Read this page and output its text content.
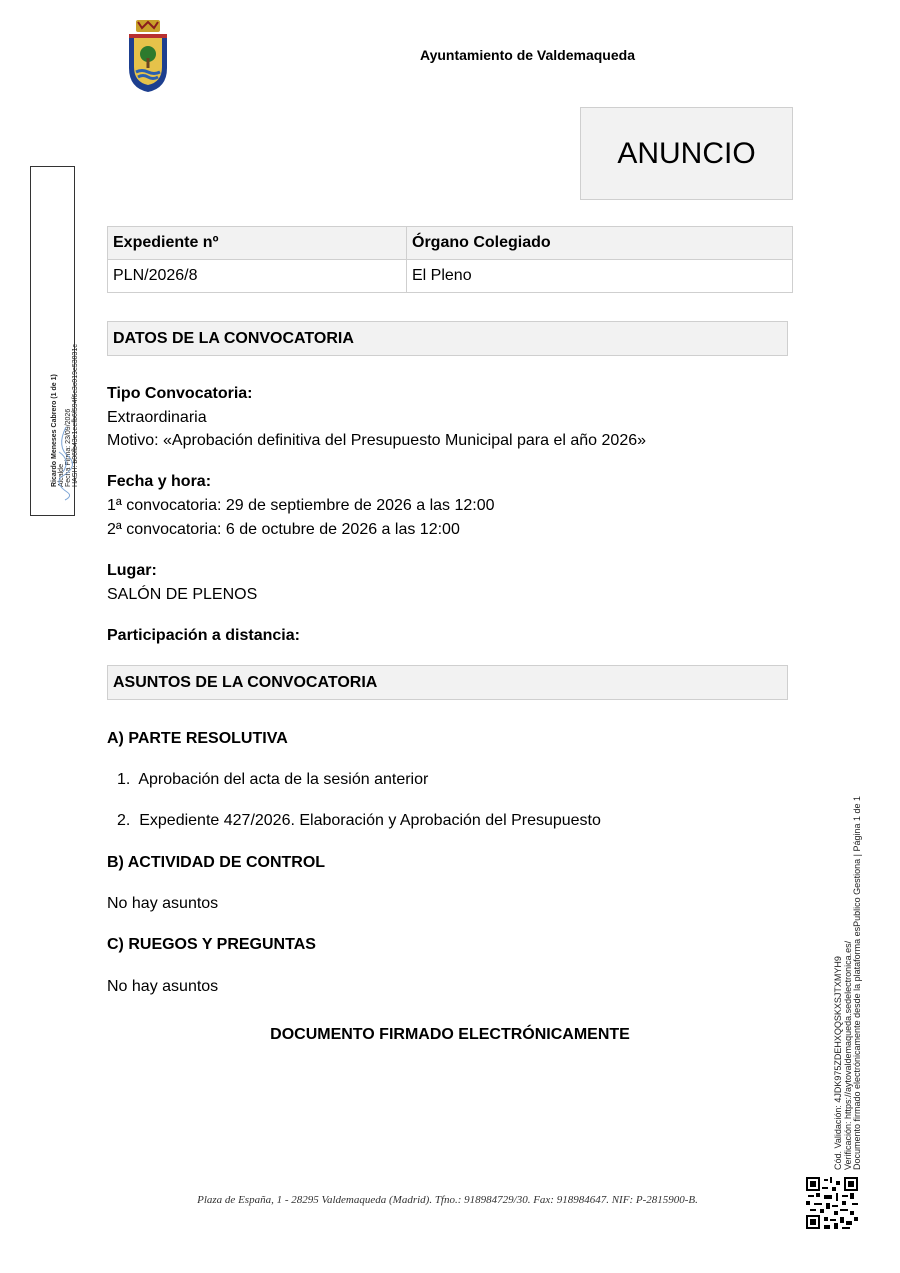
Ayuntamiento de Valdemaqueda
ANUNCIO
Expediente nº	Órgano Colegiado
PLN/2026/8	El Pleno
DATOS DE LA CONVOCATORIA
Tipo Convocatoria:
Extraordinaria
Motivo: «Aprobación definitiva del Presupuesto Municipal para el año 2026»
Fecha y hora:
1ª convocatoria: 29 de septiembre de 2026 a las 12:00
2ª convocatoria: 6 de octubre de 2026 a las 12:00
Lugar:
SALÓN DE PLENOS
Participación a distancia:
ASUNTOS DE LA CONVOCATORIA
A) PARTE RESOLUTIVA
1. Aprobación del acta de la sesión anterior
2. Expediente 427/2026. Elaboración y Aprobación del Presupuesto
B) ACTIVIDAD DE CONTROL
No hay asuntos
C) RUEGOS Y PREGUNTAS
No hay asuntos
DOCUMENTO FIRMADO ELECTRÓNICAMENTE
Plaza de España, 1 - 28295 Valdemaqueda (Madrid). Tfno.: 918984729/30. Fax: 918984647. NIF: P-2815900-B.
Ricardo Meneses Cabrero (1 de 1) Alcalde Fecha Firma: 23/09/2026 HASH: b06fb43e1eefb6f594f6c3c019e53031c
Cód. Validación: 4JDK975ZDEHXQQSKXSJTXMYH9 Verificación: https://aytovaldemaqueda.sedelectronica.es/ Documento firmado electrónicamente desde la plataforma esPublico Gestiona | Página 1 de 1
